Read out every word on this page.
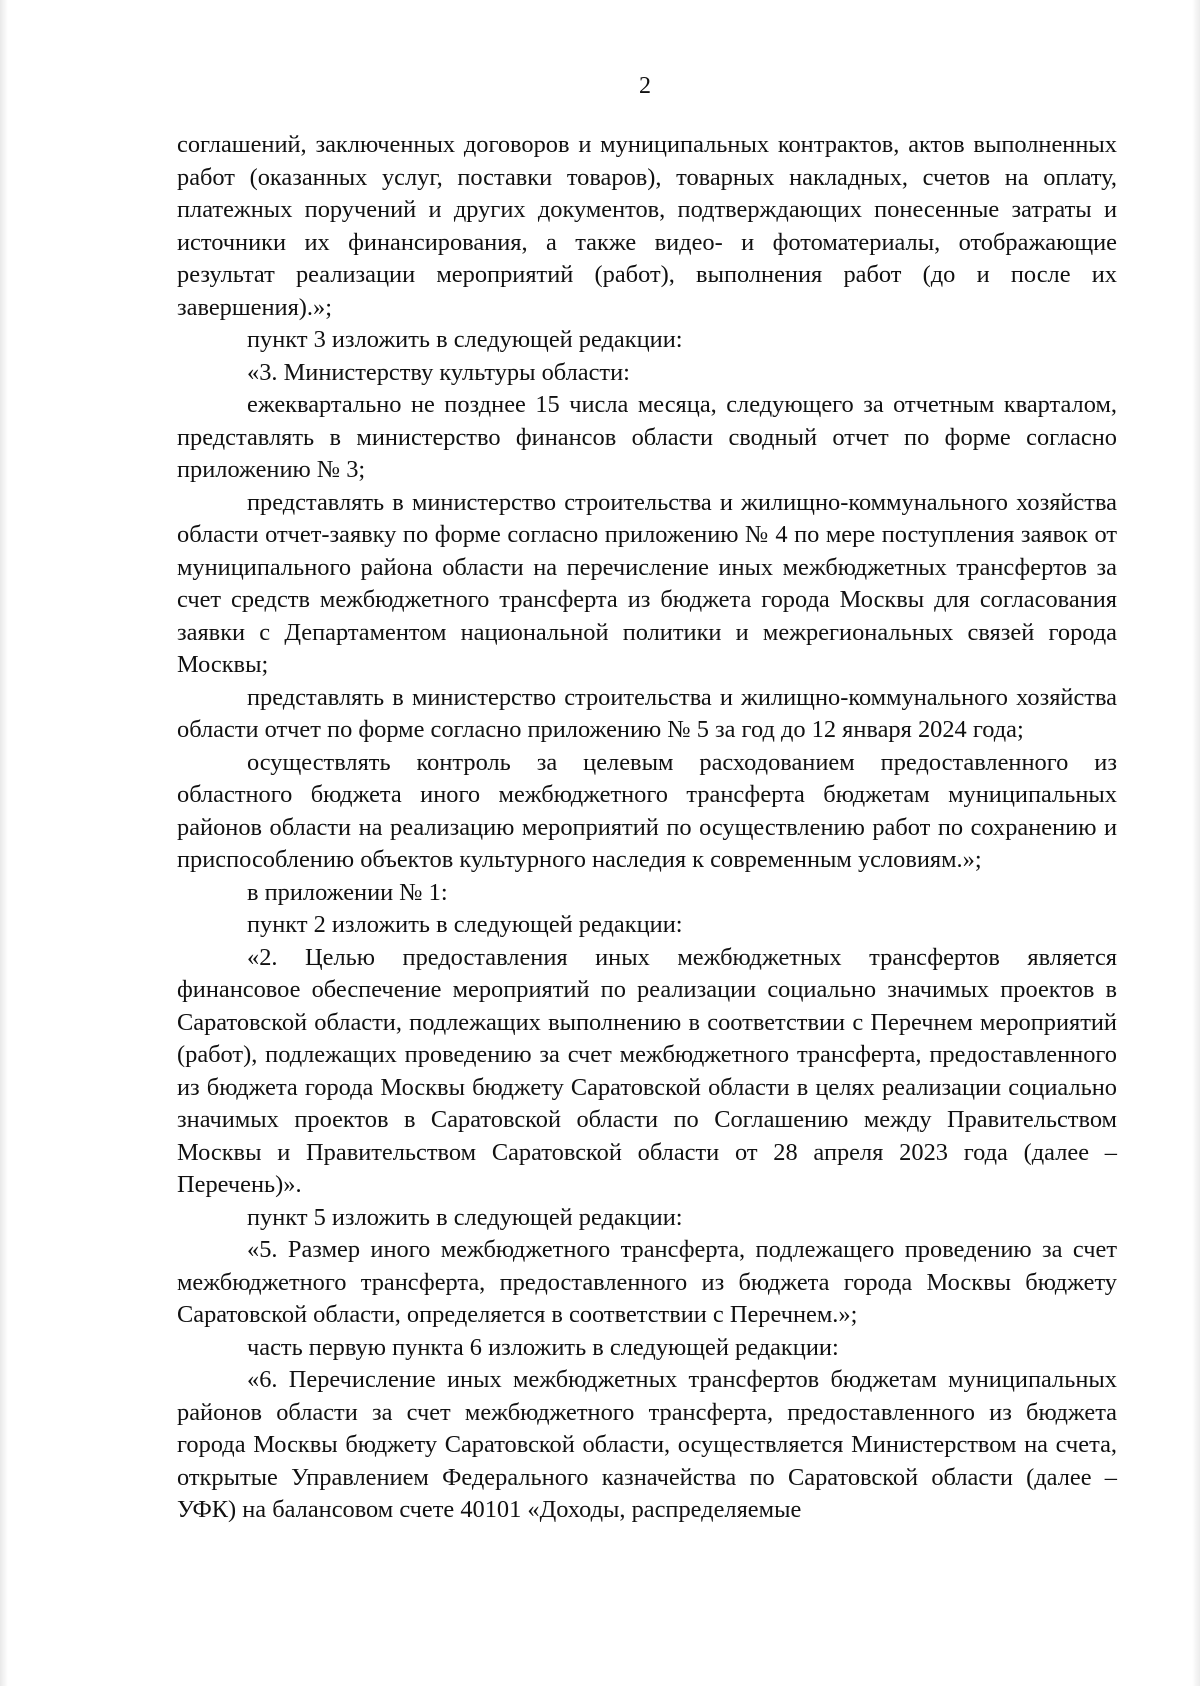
2

соглашений, заключенных договоров и муниципальных контрактов, актов выполненных работ (оказанных услуг, поставки товаров), товарных накладных, счетов на оплату, платежных поручений и других документов, подтверждающих понесенные затраты и источники их финансирования, а также видео- и фотоматериалы, отображающие результат реализации мероприятий (работ), выполнения работ (до и после их завершения).»;

пункт 3 изложить в следующей редакции:

«3. Министерству культуры области:

ежеквартально не позднее 15 числа месяца, следующего за отчетным кварталом, представлять в министерство финансов области сводный отчет по форме согласно приложению № 3;

представлять в министерство строительства и жилищно-коммунального хозяйства области отчет-заявку по форме согласно приложению № 4 по мере поступления заявок от муниципального района области на перечисление иных межбюджетных трансфертов за счет средств межбюджетного трансферта из бюджета города Москвы для согласования заявки с Департаментом национальной политики и межрегиональных связей города Москвы;

представлять в министерство строительства и жилищно-коммунального хозяйства области отчет по форме согласно приложению № 5 за год до 12 января 2024 года;

осуществлять контроль за целевым расходованием предоставленного из областного бюджета иного межбюджетного трансферта бюджетам муниципальных районов области на реализацию мероприятий по осуществлению работ по сохранению и приспособлению объектов культурного наследия к современным условиям.»;

в приложении № 1:

пункт 2 изложить в следующей редакции:

«2. Целью предоставления иных межбюджетных трансфертов является финансовое обеспечение мероприятий по реализации социально значимых проектов в Саратовской области, подлежащих выполнению в соответствии с Перечнем мероприятий (работ), подлежащих проведению за счет межбюджетного трансферта, предоставленного из бюджета города Москвы бюджету Саратовской области в целях реализации социально значимых проектов в Саратовской области по Соглашению между Правительством Москвы и Правительством Саратовской области от 28 апреля 2023 года (далее – Перечень)».

пункт 5 изложить в следующей редакции:

«5. Размер иного межбюджетного трансферта, подлежащего проведению за счет межбюджетного трансферта, предоставленного из бюджета города Москвы бюджету Саратовской области, определяется в соответствии с Перечнем.»;

часть первую пункта 6 изложить в следующей редакции:

«6. Перечисление иных межбюджетных трансфертов бюджетам муниципальных районов области за счет межбюджетного трансферта, предоставленного из бюджета города Москвы бюджету Саратовской области, осуществляется Министерством на счета, открытые Управлением Федерального казначейства по Саратовской области (далее – УФК) на балансовом счете 40101 «Доходы, распределяемые
